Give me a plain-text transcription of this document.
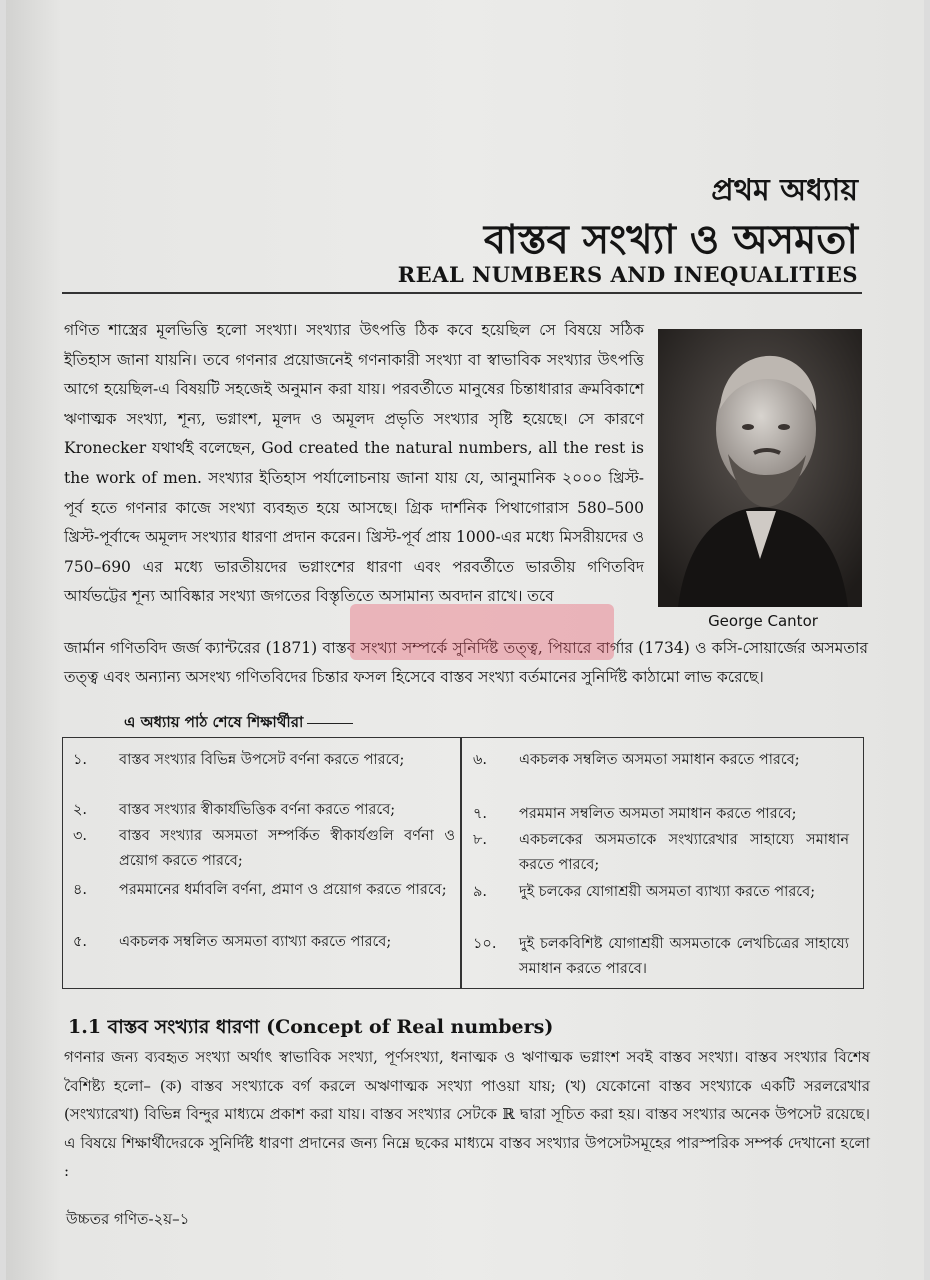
প্রথম অধ্যায়
বাস্তব সংখ্যা ও অসমতা
REAL NUMBERS AND INEQUALITIES

গণিত শাস্ত্রের মূলভিত্তি হলো সংখ্যা। সংখ্যার উৎপত্তি ঠিক কবে হয়েছিল সে বিষয়ে সঠিক ইতিহাস জানা যায়নি। তবে গণনার প্রয়োজনেই গণনাকারী সংখ্যা বা স্বাভাবিক সংখ্যার উৎপত্তি আগে হয়েছিল-এ বিষয়টি সহজেই অনুমান করা যায়। পরবর্তীতে মানুষের চিন্তাধারার ক্রমবিকাশে ঋণাত্মক সংখ্যা, শূন্য, ভগ্নাংশ, মূলদ ও অমূলদ প্রভৃতি সংখ্যার সৃষ্টি হয়েছে। সে কারণে Kronecker যথার্থই বলেছেন, God created the natural numbers, all the rest is the work of men. সংখ্যার ইতিহাস পর্যালোচনায় জানা যায় যে, আনুমানিক ২০০০ খ্রিস্ট-পূর্ব হতে গণনার কাজে সংখ্যা ব্যবহৃত হয়ে আসছে। গ্রিক দার্শনিক পিথাগোরাস 580–500 খ্রিস্ট-পূর্বাব্দে অমূলদ সংখ্যার ধারণা প্রদান করেন। খ্রিস্ট-পূর্ব প্রায় 1000-এর মধ্যে মিসরীয়দের ও 750–690 এর মধ্যে ভারতীয়দের ভগ্নাংশের ধারণা এবং পরবর্তীতে ভারতীয় গণিতবিদ আর্যভট্টের শূন্য আবিষ্কার সংখ্যা জগতের বিস্তৃতিতে অসামান্য অবদান রাখে। তবে

George Cantor

জার্মান গণিতবিদ জর্জ ক্যান্টরের (1871) বাস্তব সংখ্যা সম্পর্কে সুনির্দিষ্ট তত্ত্ব, পিয়ারে বার্গার (1734) ও কসি-সোয়ার্জের অসমতার তত্ত্ব এবং অন্যান্য অসংখ্য গণিতবিদের চিন্তার ফসল হিসেবে বাস্তব সংখ্যা বর্তমানের সুনির্দিষ্ট কাঠামো লাভ করেছে।

এ অধ্যায় পাঠ শেষে শিক্ষার্থীরা
১.	বাস্তব সংখ্যার বিভিন্ন উপসেট বর্ণনা করতে পারবে;
২.	বাস্তব সংখ্যার স্বীকার্যভিত্তিক বর্ণনা করতে পারবে;
৩.	বাস্তব সংখ্যার অসমতা সম্পর্কিত স্বীকার্যগুলি বর্ণনা ও প্রয়োগ করতে পারবে;
৪.	পরমমানের ধর্মাবলি বর্ণনা, প্রমাণ ও প্রয়োগ করতে পারবে;
৫.	একচলক সম্বলিত অসমতা ব্যাখ্যা করতে পারবে;
৬.	একচলক সম্বলিত অসমতা সমাধান করতে পারবে;
৭.	পরমমান সম্বলিত অসমতা সমাধান করতে পারবে;
৮.	একচলকের অসমতাকে সংখ্যারেখার সাহায্যে সমাধান করতে পারবে;
৯.	দুই চলকের যোগাশ্রয়ী অসমতা ব্যাখ্যা করতে পারবে;
১০.	দুই চলকবিশিষ্ট যোগাশ্রয়ী অসমতাকে লেখচিত্রের সাহায্যে সমাধান করতে পারবে।
1.1 বাস্তব সংখ্যার ধারণা (Concept of Real numbers)

গণনার জন্য ব্যবহৃত সংখ্যা অর্থাৎ স্বাভাবিক সংখ্যা, পূর্ণসংখ্যা, ধনাত্মক ও ঋণাত্মক ভগ্নাংশ সবই বাস্তব সংখ্যা। বাস্তব সংখ্যার বিশেষ বৈশিষ্ট্য হলো– (ক) বাস্তব সংখ্যাকে বর্গ করলে অঋণাত্মক সংখ্যা পাওয়া যায়; (খ) যেকোনো বাস্তব সংখ্যাকে একটি সরলরেখার (সংখ্যারেখা) বিভিন্ন বিন্দুর মাধ্যমে প্রকাশ করা যায়। বাস্তব সংখ্যার সেটকে ℝ দ্বারা সূচিত করা হয়। বাস্তব সংখ্যার অনেক উপসেট রয়েছে। এ বিষয়ে শিক্ষার্থীদেরকে সুনির্দিষ্ট ধারণা প্রদানের জন্য নিম্নে ছকের মাধ্যমে বাস্তব সংখ্যার উপসেটসমূহের পারস্পরিক সম্পর্ক দেখানো হলো :

উচ্চতর গণিত-২য়–১
